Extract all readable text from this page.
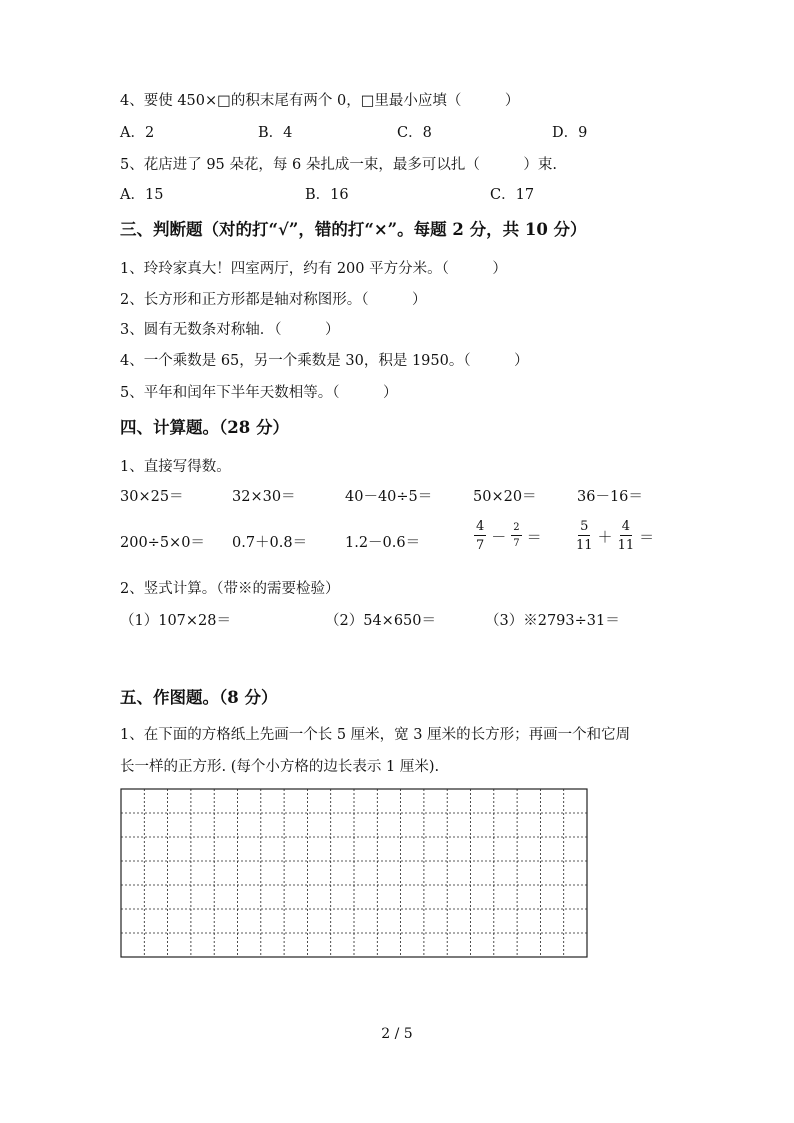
4、要使 450×□的积末尾有两个 0，□里最小应填（　　　）
A．2	B．4	C．8	D．9
5、花店进了 95 朵花，每 6 朵扎成一束，最多可以扎（　　　）束.
A．15	B．16	C．17
三、判断题（对的打“√”，错的打“×”。每题 2 分，共 10 分）
1、玲玲家真大！四室两厅，约有 200 平方分米。（　　　）
2、长方形和正方形都是轴对称图形。（　　　）
3、圆有无数条对称轴．（　　　）
4、一个乘数是 65，另一个乘数是 30，积是 1950。（　　　）
5、平年和闰年下半年天数相等。（　　　）
四、计算题。（28 分）
1、直接写得数。
30×25＝	32×30＝	40－40÷5＝	50×20＝	36－16＝
200÷5×0＝ 0.7＋0.8＝	1.2－0.6＝	$\frac{4}{7} - \frac{2}{7}$ ＝	$\frac{5}{11} + \frac{4}{11}$ ＝
2、竖式计算。（带※的需要检验）
（1）107×28＝	（2）54×650＝	（3）※2793÷31＝
五、作图题。（8 分）
1、在下面的方格纸上先画一个长 5 厘米，宽 3 厘米的长方形；再画一个和它周
长一样的正方形. (每个小方格的边长表示 1 厘米).
2 / 5
